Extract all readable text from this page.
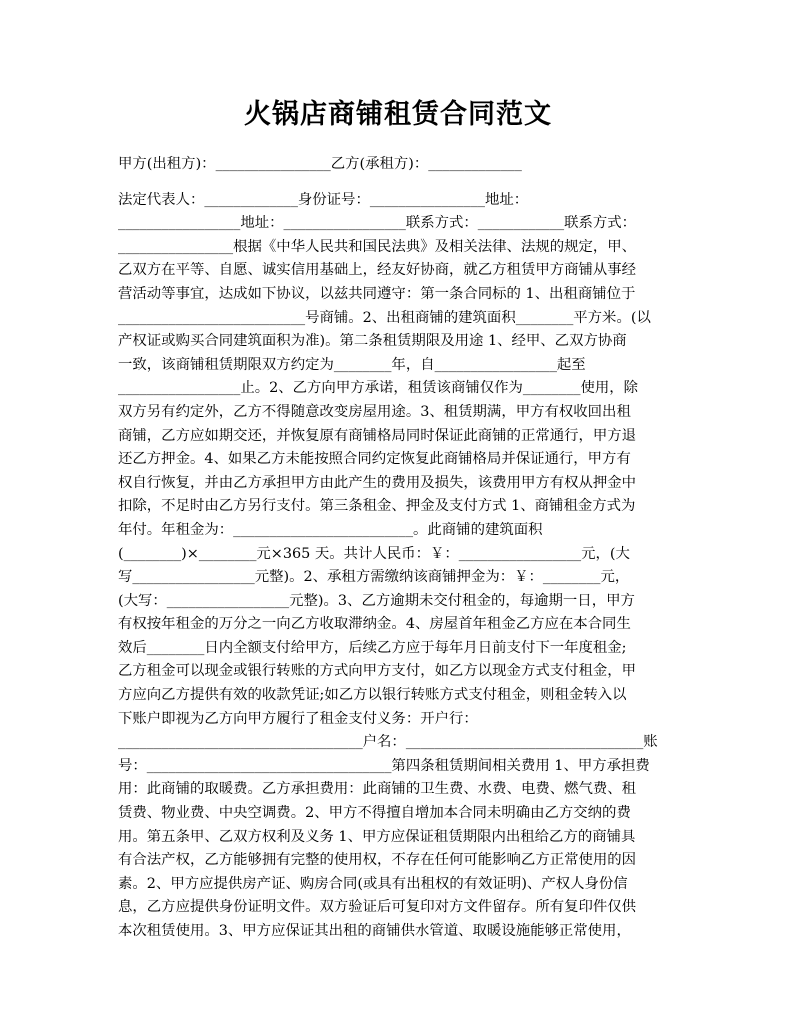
火锅店商铺租赁合同范文

甲方(出租方)：________________乙方(承租方)：_____________

法定代表人：_____________身份证号：________________地址：

_________________地址：_________________联系方式：____________联系方式：

________________根据《中华人民共和国民法典》及相关法律、法规的规定，甲、

乙双方在平等、自愿、诚实信用基础上，经友好协商，就乙方租赁甲方商铺从事经

营活动等事宜，达成如下协议，以兹共同遵守：第一条合同标的 1、出租商铺位于

__________________________号商铺。2、出租商铺的建筑面积________平方米。(以

产权证或购买合同建筑面积为准)。第二条租赁期限及用途 1、经甲、乙双方协商

一致，该商铺租赁期限双方约定为________年，自_________________起至

_________________止。2、乙方向甲方承诺，租赁该商铺仅作为________使用，除

双方另有约定外，乙方不得随意改变房屋用途。3、租赁期满，甲方有权收回出租

商铺，乙方应如期交还，并恢复原有商铺格局同时保证此商铺的正常通行，甲方退

还乙方押金。4、如果乙方未能按照合同约定恢复此商铺格局并保证通行，甲方有

权自行恢复，并由乙方承担甲方由此产生的费用及损失，该费用甲方有权从押金中

扣除，不足时由乙方另行支付。第三条租金、押金及支付方式 1、商铺租金方式为

年付。年租金为：_________________________。此商铺的建筑面积

(________)×________元×365 天。共计人民币：￥：_________________元，(大

写_________________元整)。2、承租方需缴纳该商铺押金为：￥：________元，

(大写：_________________元整)。3、乙方逾期未交付租金的，每逾期一日，甲方

有权按年租金的万分之一向乙方收取滞纳金。4、房屋首年租金乙方应在本合同生

效后________日内全额支付给甲方，后续乙方应于每年月日前支付下一年度租金;

乙方租金可以现金或银行转账的方式向甲方支付，如乙方以现金方式支付租金，甲

方应向乙方提供有效的收款凭证;如乙方以银行转账方式支付租金，则租金转入以

下账户即视为乙方向甲方履行了租金支付义务：开户行：

__________________________________户名：_________________________________账

号：__________________________________第四条租赁期间相关费用 1、甲方承担费

用：此商铺的取暖费。乙方承担费用：此商铺的卫生费、水费、电费、燃气费、租

赁费、物业费、中央空调费。2、甲方不得擅自增加本合同未明确由乙方交纳的费

用。第五条甲、乙双方权利及义务 1、甲方应保证租赁期限内出租给乙方的商铺具

有合法产权，乙方能够拥有完整的使用权，不存在任何可能影响乙方正常使用的因

素。2、甲方应提供房产证、购房合同(或具有出租权的有效证明)、产权人身份信

息，乙方应提供身份证明文件。双方验证后可复印对方文件留存。所有复印件仅供

本次租赁使用。3、甲方应保证其出租的商铺供水管道、取暖设施能够正常使用，
